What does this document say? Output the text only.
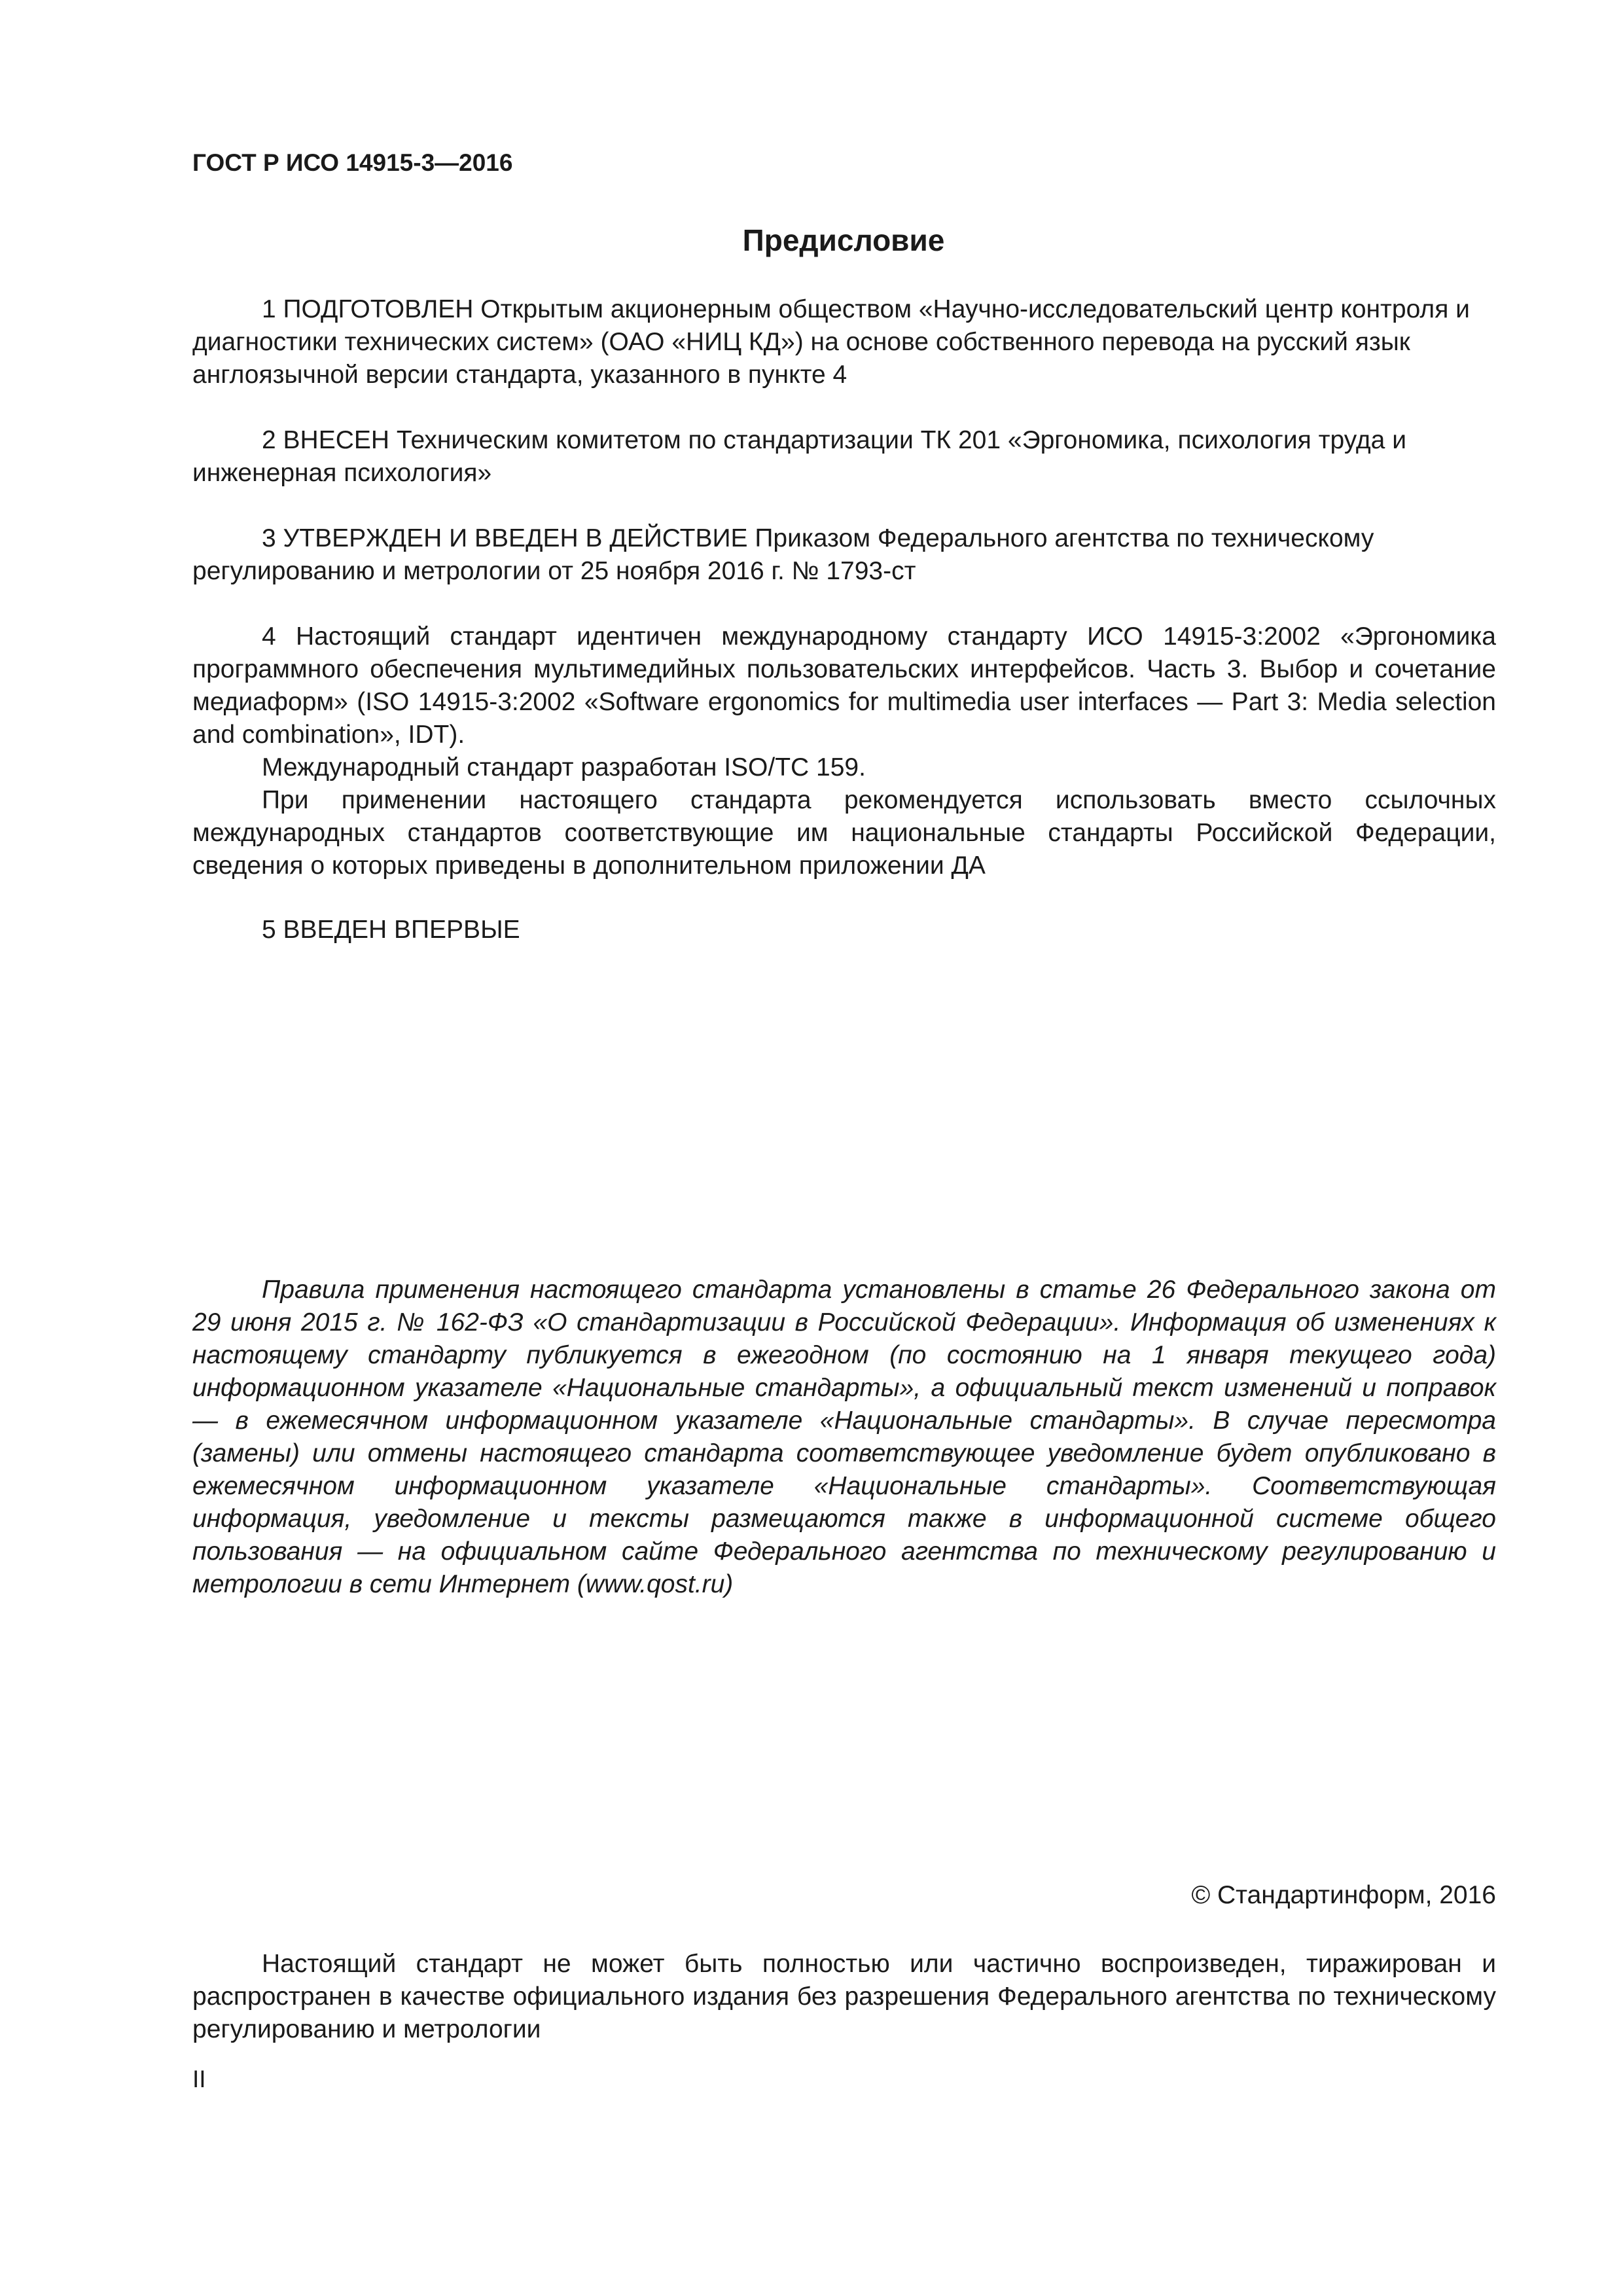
ГОСТ Р ИСО 14915-3—2016
Предисловие

1 ПОДГОТОВЛЕН Открытым акционерным обществом «Научно-исследовательский центр контроля и диагностики технических систем» (ОАО «НИЦ КД») на основе собственного перевода на русский язык англоязычной версии стандарта, указанного в пункте 4

2 ВНЕСЕН Техническим комитетом по стандартизации ТК 201 «Эргономика, психология труда и инженерная психология»

3 УТВЕРЖДЕН И ВВЕДЕН В ДЕЙСТВИЕ Приказом Федерального агентства по техническому регулированию и метрологии от 25 ноября 2016 г. № 1793-ст

4 Настоящий стандарт идентичен международному стандарту ИСО 14915-3:2002 «Эргономика программного обеспечения мультимедийных пользовательских интерфейсов. Часть 3. Выбор и сочетание медиаформ» (ISO 14915-3:2002 «Software ergonomics for multimedia user interfaces — Part 3: Media selection and combination», IDT).

Международный стандарт разработан ISO/TC 159.

При применении настоящего стандарта рекомендуется использовать вместо ссылочных международных стандартов соответствующие им национальные стандарты Российской Федерации, сведения о которых приведены в дополнительном приложении ДА

5 ВВЕДЕН ВПЕРВЫЕ

Правила применения настоящего стандарта установлены в статье 26 Федерального закона от 29 июня 2015 г. № 162-ФЗ «О стандартизации в Российской Федерации». Информация об изменениях к настоящему стандарту публикуется в ежегодном (по состоянию на 1 января текущего года) информационном указателе «Национальные стандарты», а официальный текст изменений и поправок — в ежемесячном информационном указателе «Национальные стандарты». В случае пересмотра (замены) или отмены настоящего стандарта соответствующее уведомление будет опубликовано в ежемесячном информационном указателе «Национальные стандарты». Соответствующая информация, уведомление и тексты размещаются также в информационной системе общего пользования — на официальном сайте Федерального агентства по техническому регулированию и метрологии в сети Интернет (www.qost.ru)

© Стандартинформ, 2016

Настоящий стандарт не может быть полностью или частично воспроизведен, тиражирован и распространен в качестве официального издания без разрешения Федерального агентства по техническому регулированию и метрологии

II
